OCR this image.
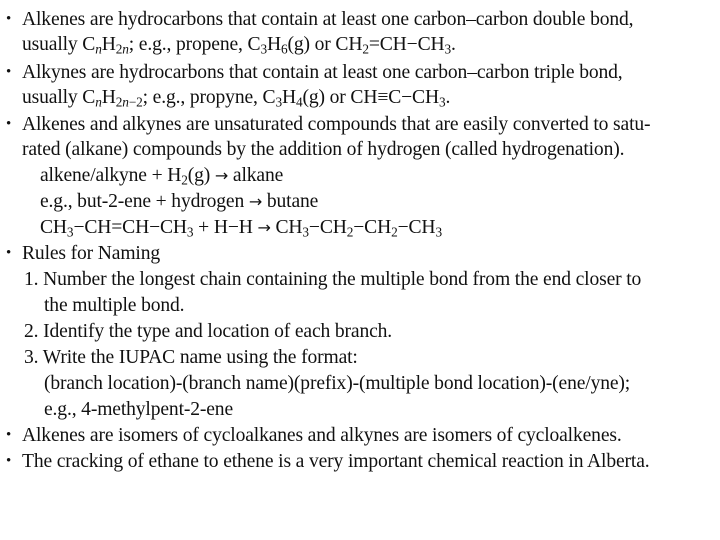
• Alkenes are hydrocarbons that contain at least one carbon–carbon double bond,
usually $C_nH_{2n}$; e.g., propene, $C_3H_6(g)$ or $CH_2=CH-CH_3$.
• Alkynes are hydrocarbons that contain at least one carbon–carbon triple bond,
usually $C_nH_{2n-2}$; e.g., propyne, $C_3H_4(g)$ or $CH\equiv C-CH_3$.
• Alkenes and alkynes are unsaturated compounds that are easily converted to satu-
rated (alkane) compounds by the addition of hydrogen (called hydrogenation).
alkene/alkyne + $H_2(g)$ → alkane
e.g., but-2-ene + hydrogen → butane
$CH_3-CH=CH-CH_3 + H-H \to CH_3-CH_2-CH_2-CH_3$
• Rules for Naming
1. Number the longest chain containing the multiple bond from the end closer to
the multiple bond.
2. Identify the type and location of each branch.
3. Write the IUPAC name using the format:
(branch location)-(branch name)(prefix)-(multiple bond location)-(ene/yne);
e.g., 4-methylpent-2-ene
• Alkenes are isomers of cycloalkanes and alkynes are isomers of cycloalkenes.
• The cracking of ethane to ethene is a very important chemical reaction in Alberta.
